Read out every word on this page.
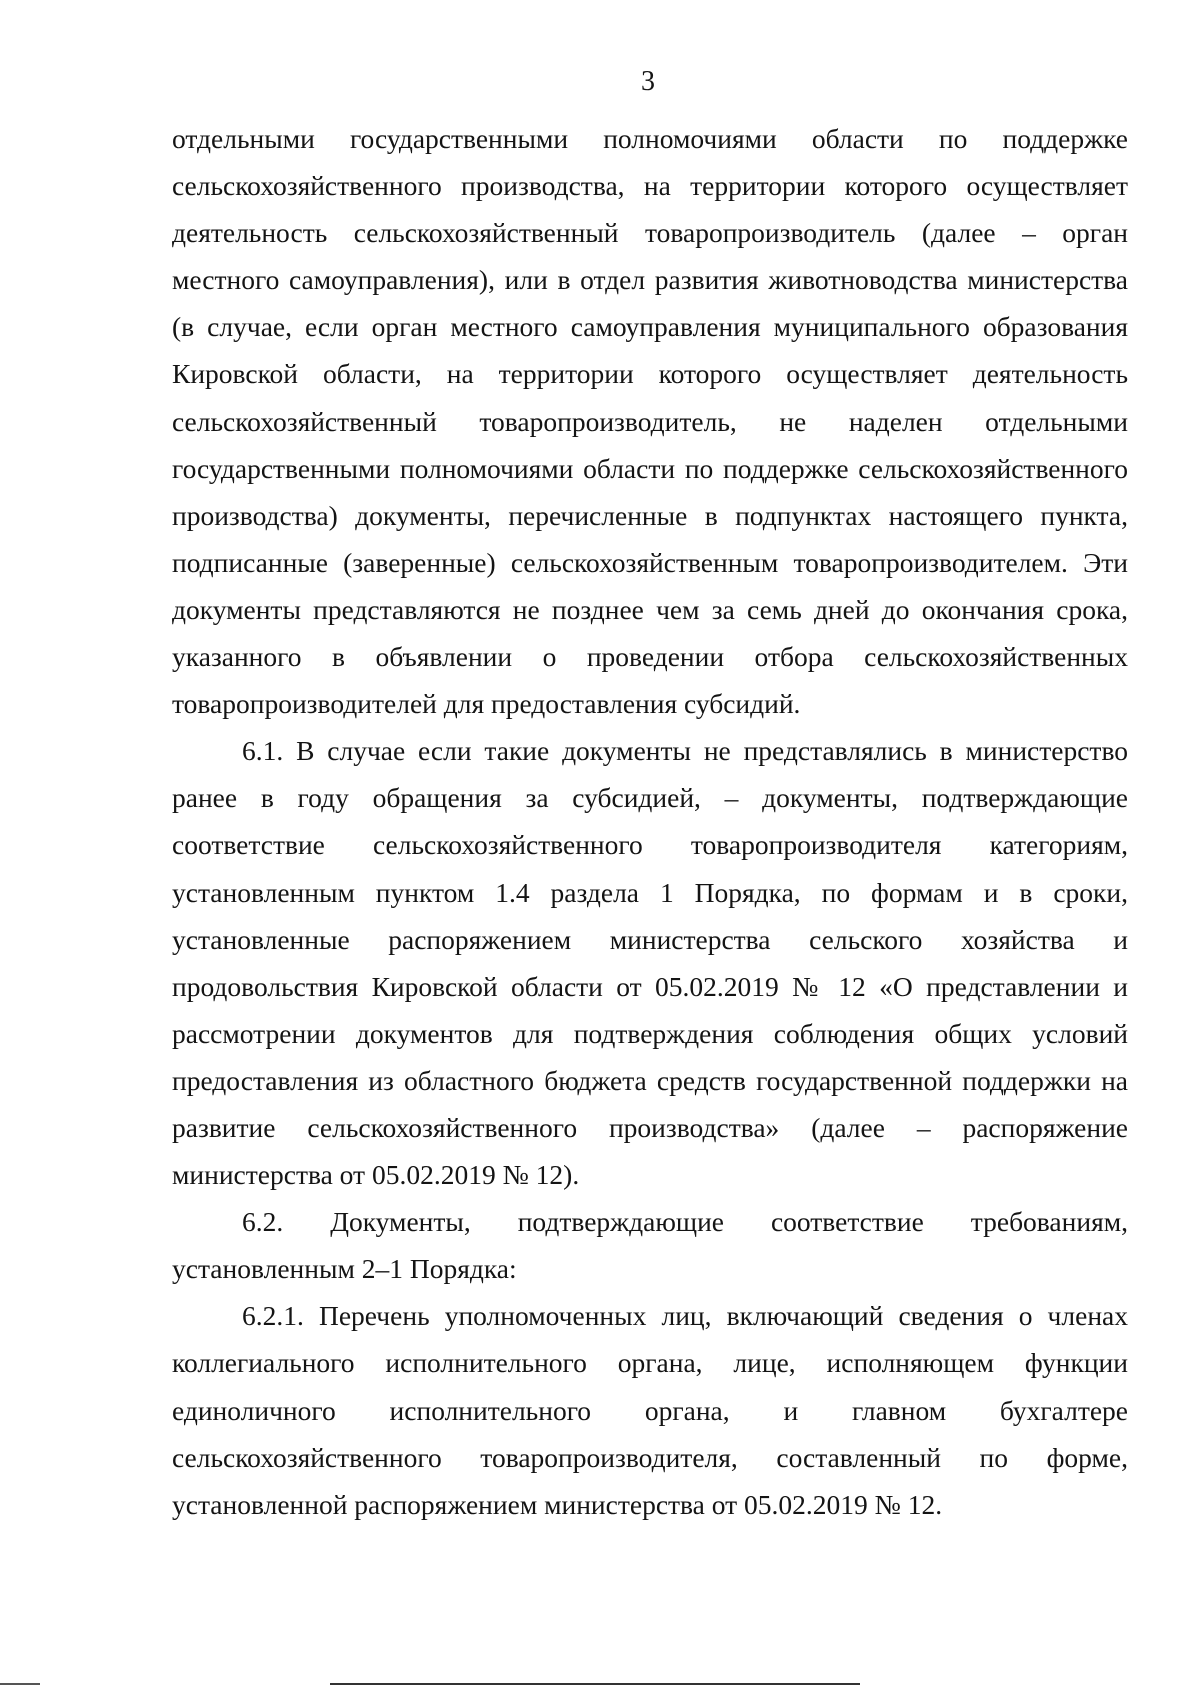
3

отдельными государственными полномочиями области по поддержке сельскохозяйственного производства, на территории которого осуществляет деятельность сельскохозяйственный товаропроизводитель (далее – орган местного самоуправления), или в отдел развития животноводства министерства (в случае, если орган местного самоуправления муниципального образования Кировской области, на территории которого осуществляет деятельность сельскохозяйственный товаропроизводитель, не наделен отдельными государственными полномочиями области по поддержке сельскохозяйственного производства) документы, перечисленные в подпунктах настоящего пункта, подписанные (заверенные) сельскохозяйственным товаропроизводителем. Эти документы представляются не позднее чем за семь дней до окончания срока, указанного в объявлении о проведении отбора сельскохозяйственных товаропроизводителей для предоставления субсидий.

6.1. В случае если такие документы не представлялись в министерство ранее в году обращения за субсидией, – документы, подтверждающие соответствие сельскохозяйственного товаропроизводителя категориям, установленным пунктом 1.4 раздела 1 Порядка, по формам и в сроки, установленные распоряжением министерства сельского хозяйства и продовольствия Кировской области от 05.02.2019 № 12 «О представлении и рассмотрении документов для подтверждения соблюдения общих условий предоставления из областного бюджета средств государственной поддержки на развитие сельскохозяйственного производства» (далее – распоряжение министерства от 05.02.2019 № 12).

6.2. Документы, подтверждающие соответствие требованиям, установленным 2–1 Порядка:

6.2.1. Перечень уполномоченных лиц, включающий сведения о членах коллегиального исполнительного органа, лице, исполняющем функции единоличного исполнительного органа, и главном бухгалтере сельскохозяйственного товаропроизводителя, составленный по форме, установленной распоряжением министерства от 05.02.2019 № 12.
